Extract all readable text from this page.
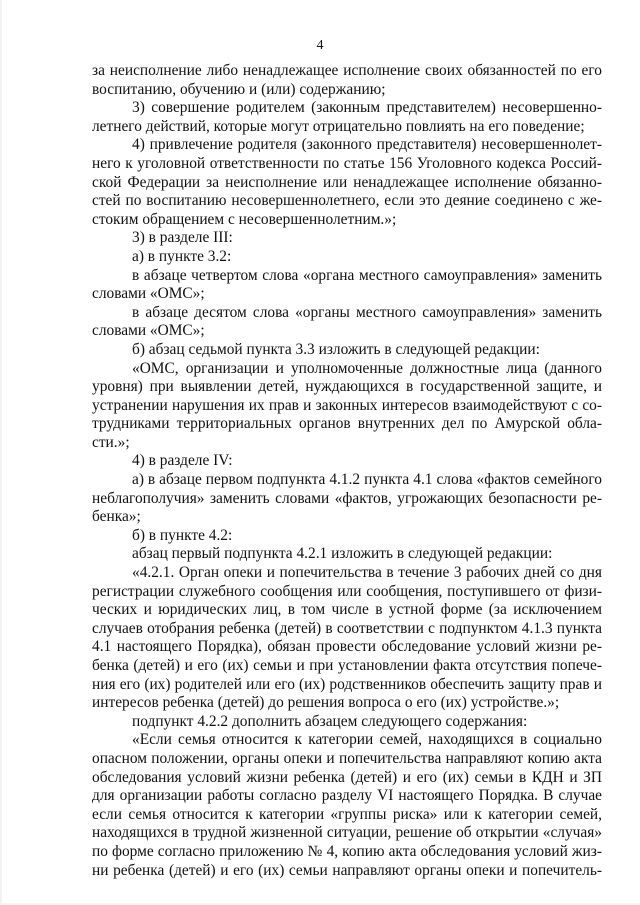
4
за неисполнение либо ненадлежащее исполнение своих обязанностей по его
воспитанию, обучению и (или) содержанию;
3) совершение родителем (законным представителем) несовершенно-
летнего действий, которые могут отрицательно повлиять на его поведение;
4) привлечение родителя (законного представителя) несовершеннолет-
него к уголовной ответственности по статье 156 Уголовного кодекса Россий-
ской Федерации за неисполнение или ненадлежащее исполнение обязанно-
стей по воспитанию несовершеннолетнего, если это деяние соединено с же-
стоким обращением с несовершеннолетним.»;
3) в разделе III:
а) в пункте 3.2:
в абзаце четвертом слова «органа местного самоуправления» заменить
словами «ОМС»;
в абзаце десятом слова «органы местного самоуправления» заменить
словами «ОМС»;
б) абзац седьмой пункта 3.3 изложить в следующей редакции:
«ОМС, организации и уполномоченные должностные лица (данного
уровня) при выявлении детей, нуждающихся в государственной защите, и
устранении нарушения их прав и законных интересов взаимодействуют с со-
трудниками территориальных органов внутренних дел по Амурской обла-
сти.»;
4) в разделе IV:
а) в абзаце первом подпункта 4.1.2 пункта 4.1 слова «фактов семейного
неблагополучия» заменить словами «фактов, угрожающих безопасности ре-
бенка»;
б) в пункте 4.2:
абзац первый подпункта 4.2.1 изложить в следующей редакции:
«4.2.1. Орган опеки и попечительства в течение 3 рабочих дней со дня
регистрации служебного сообщения или сообщения, поступившего от физи-
ческих и юридических лиц, в том числе в устной форме (за исключением
случаев отобрания ребенка (детей) в соответствии с подпунктом 4.1.3 пункта
4.1 настоящего Порядка), обязан провести обследование условий жизни ре-
бенка (детей) и его (их) семьи и при установлении факта отсутствия попече-
ния его (их) родителей или его (их) родственников обеспечить защиту прав и
интересов ребенка (детей) до решения вопроса о его (их) устройстве.»;
подпункт 4.2.2 дополнить абзацем следующего содержания:
«Если семья относится к категории семей, находящихся в социально
опасном положении, органы опеки и попечительства направляют копию акта
обследования условий жизни ребенка (детей) и его (их) семьи в КДН и ЗП
для организации работы согласно разделу VI настоящего Порядка. В случае
если семья относится к категории «группы риска» или к категории семей,
находящихся в трудной жизненной ситуации, решение об открытии «случая»
по форме согласно приложению № 4, копию акта обследования условий жиз-
ни ребенка (детей) и его (их) семьи направляют органы опеки и попечитель-
